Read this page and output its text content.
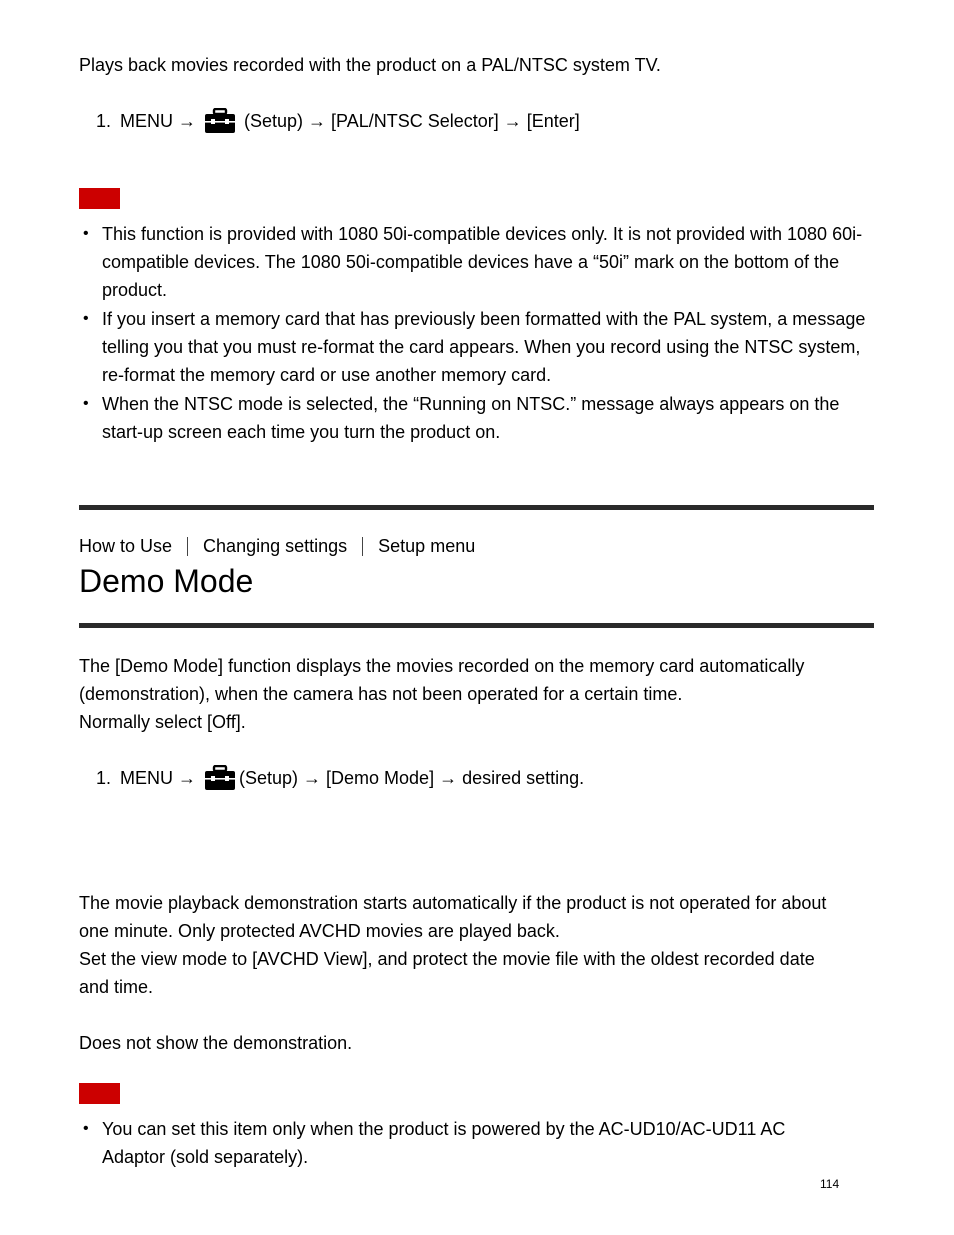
Plays back movies recorded with the product on a PAL/NTSC system TV.
1. MENU →	(Setup) → [PAL/NTSC Selector] → [Enter]
• This function is provided with 1080 50i-compatible devices only. It is not provided with 1080 60i-compatible devices. The 1080 50i-compatible devices have a “50i” mark on the bottom of the product.
• If you insert a memory card that has previously been formatted with the PAL system, a message telling you that you must re-format the card appears. When you record using the NTSC system, re-format the memory card or use another memory card.
• When the NTSC mode is selected, the “Running on NTSC.” message always appears on the start-up screen each time you turn the product on.
How to Use Changing settings Setup menu
Demo Mode
The [Demo Mode] function displays the movies recorded on the memory card automatically
(demonstration), when the camera has not been operated for a certain time.
Normally select [Off].
1. MENU → (Setup) → [Demo Mode] → desired setting.
The movie playback demonstration starts automatically if the product is not operated for about
one minute. Only protected AVCHD movies are played back.
Set the view mode to [AVCHD View], and protect the movie file with the oldest recorded date
and time.
Does not show the demonstration.
• You can set this item only when the product is powered by the AC-UD10/AC-UD11 AC Adaptor (sold separately).
114
